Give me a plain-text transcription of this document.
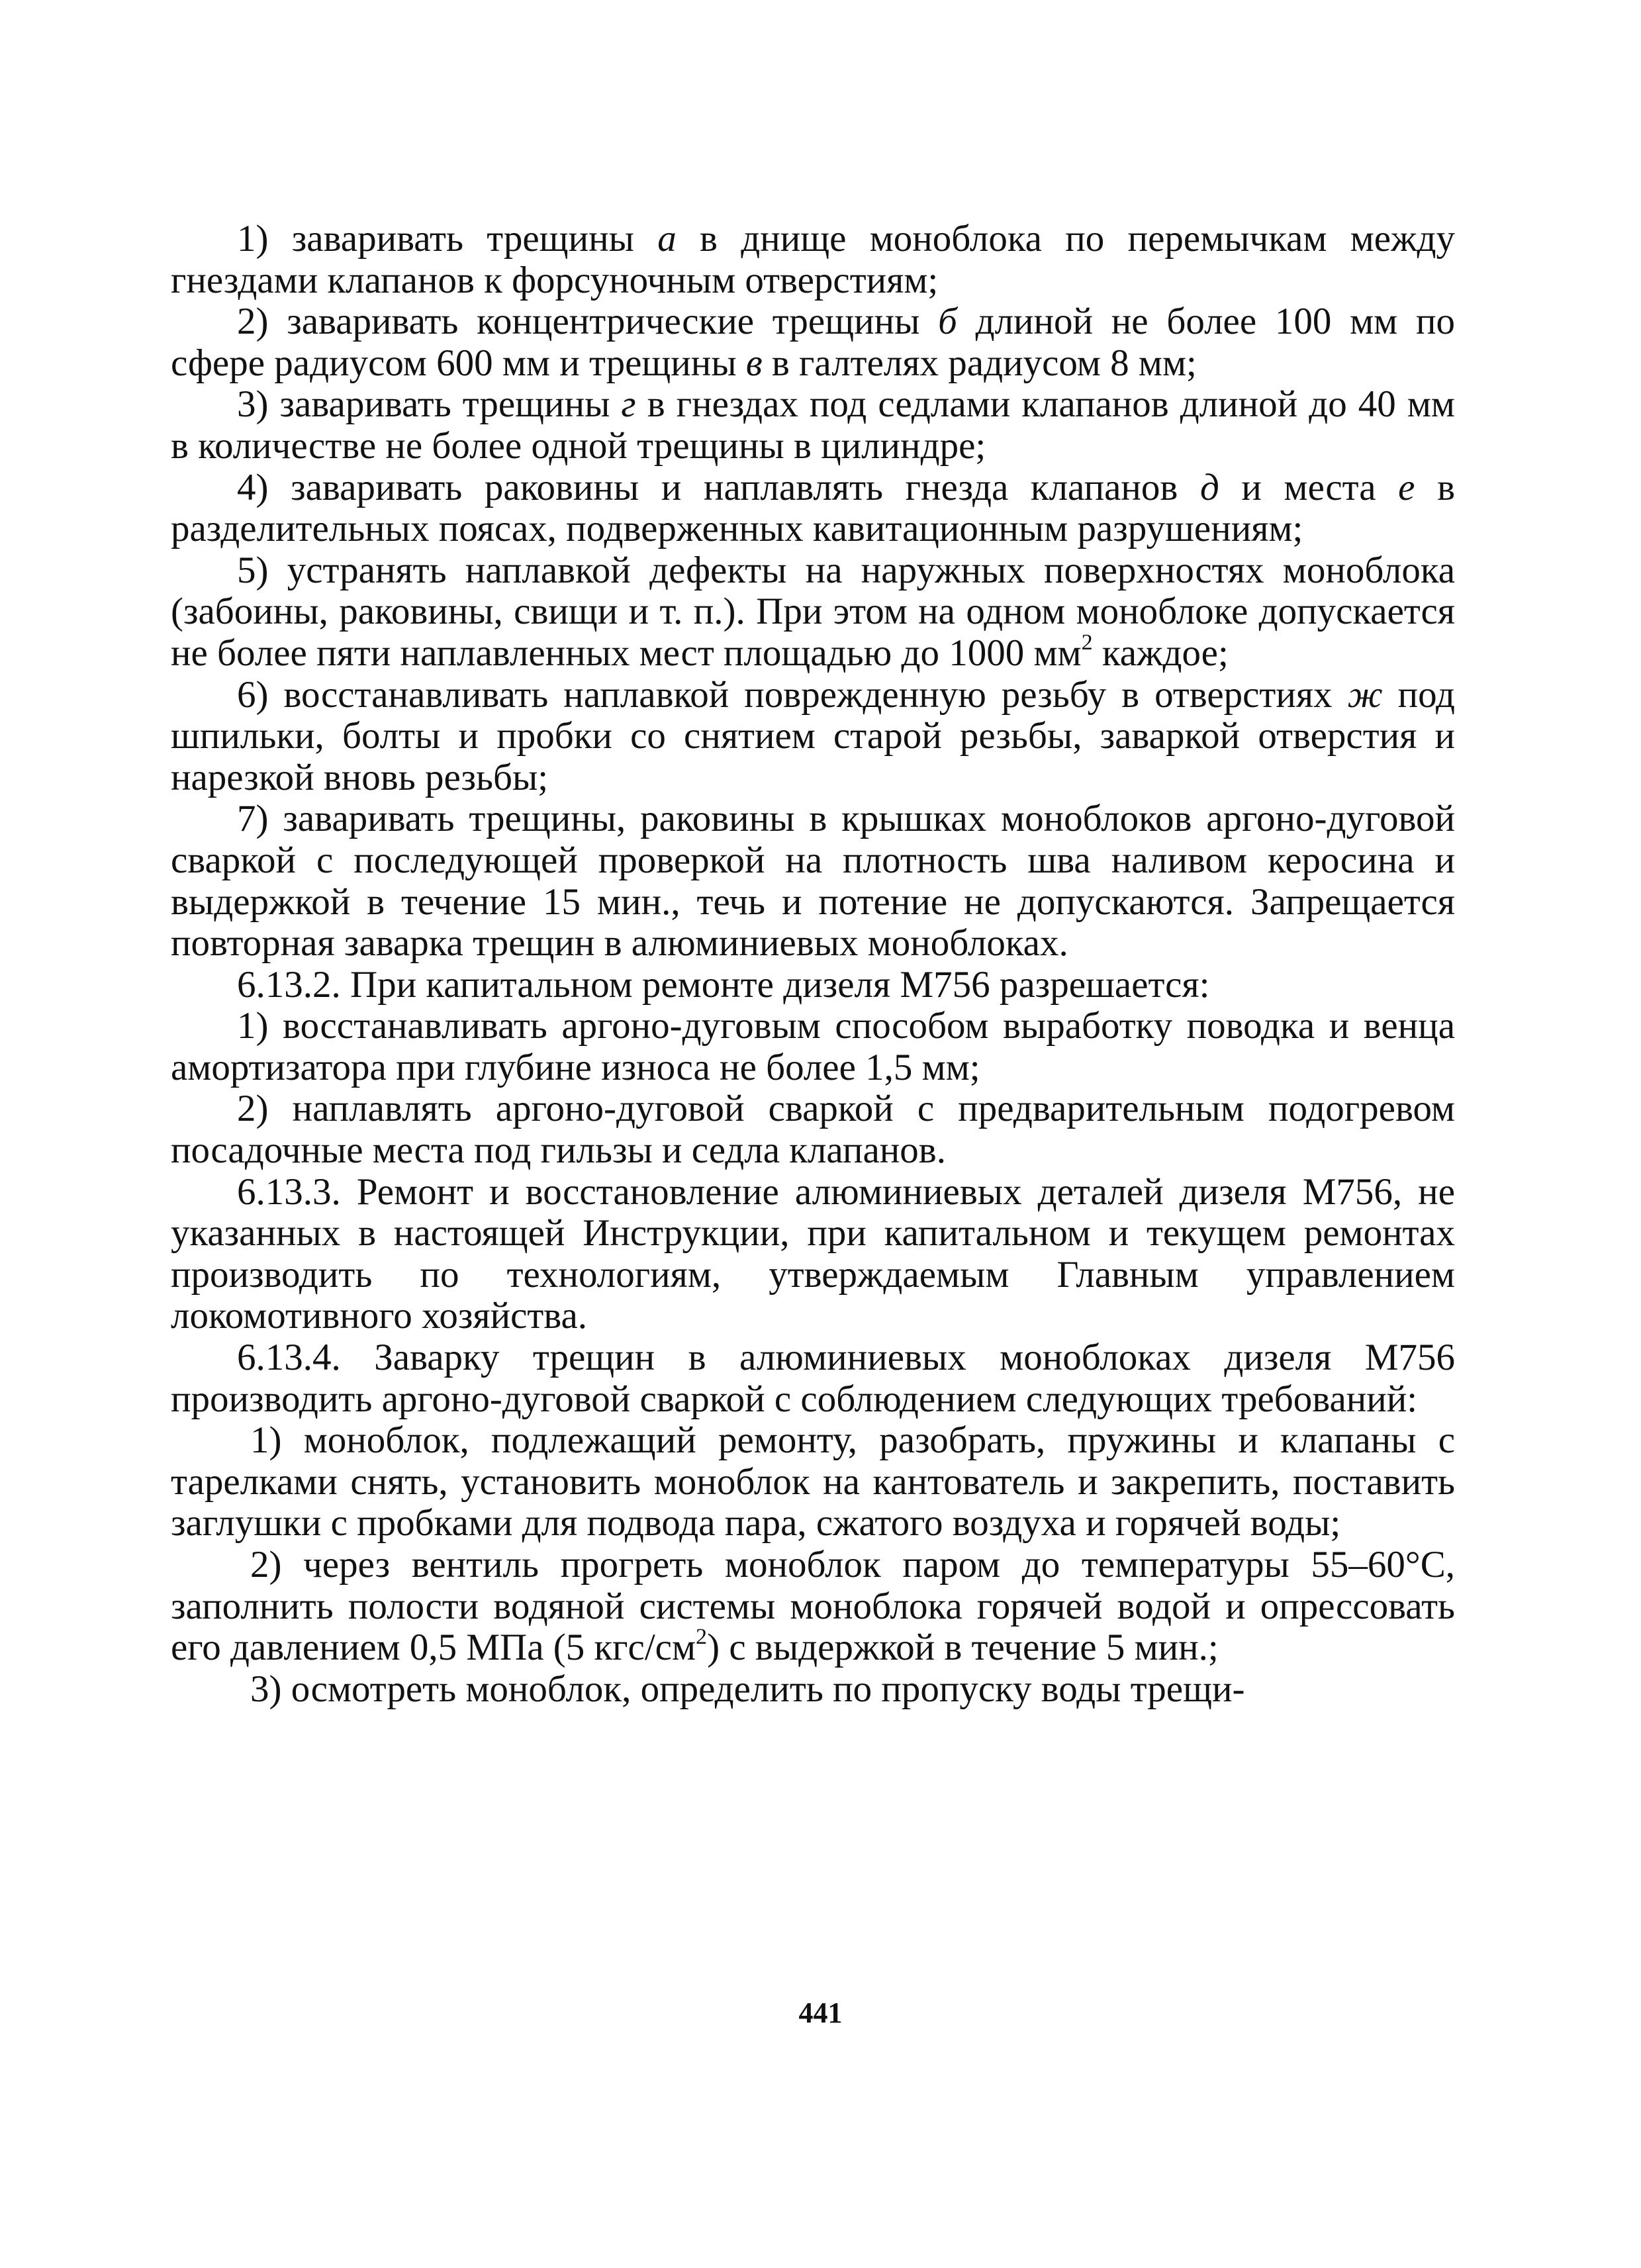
1) заваривать трещины а в днище моноблока по перемычкам между гнездами клапанов к форсуночным отверстиям;

2) заваривать концентрические трещины б длиной не более 100 мм по сфере радиусом 600 мм и трещины в в галтелях радиусом 8 мм;

3) заваривать трещины г в гнездах под седлами клапанов длиной до 40 мм в количестве не более одной трещины в цилиндре;

4) заваривать раковины и наплавлять гнезда клапанов д и места е в разделительных поясах, подверженных кавитационным разрушениям;

5) устранять наплавкой дефекты на наружных поверхностях моноблока (забоины, раковины, свищи и т. п.). При этом на одном моноблоке допускается не более пяти наплавленных мест площадью до 1000 $мм^2$ каждое;

6) восстанавливать наплавкой поврежденную резьбу в отверстиях ж под шпильки, болты и пробки со снятием старой резьбы, заваркой отверстия и нарезкой вновь резьбы;

7) заваривать трещины, раковины в крышках моноблоков аргоно-дуговой сваркой с последующей проверкой на плотность шва наливом керосина и выдержкой в течение 15 мин., течь и потение не допускаются. Запрещается повторная заварка трещин в алюминиевых моноблоках.

6.13.2. При капитальном ремонте дизеля М756 разрешается:

1) восстанавливать аргоно-дуговым способом выработку поводка и венца амортизатора при глубине износа не более 1,5 мм;

2) наплавлять аргоно-дуговой сваркой с предварительным подогревом посадочные места под гильзы и седла клапанов.

6.13.3. Ремонт и восстановление алюминиевых деталей дизеля М756, не указанных в настоящей Инструкции, при капитальном и текущем ремонтах производить по технологиям, утверждаемым Главным управлением локомотивного хозяйства.

6.13.4. Заварку трещин в алюминиевых моноблоках дизеля М756 производить аргоно-дуговой сваркой с соблюдением следующих требований:

1) моноблок, подлежащий ремонту, разобрать, пружины и клапаны с тарелками снять, установить моноблок на кантователь и закрепить, поставить заглушки с пробками для подвода пара, сжатого воздуха и горячей воды;

2) через вентиль прогреть моноблок паром до температуры 55–60°С, заполнить полости водяной системы моноблока горячей водой и опрессовать его давлением 0,5 МПа (5 кгс/$см^2$) с выдержкой в течение 5 мин.;

3) осмотреть моноблок, определить по пропуску воды трещи-

441
